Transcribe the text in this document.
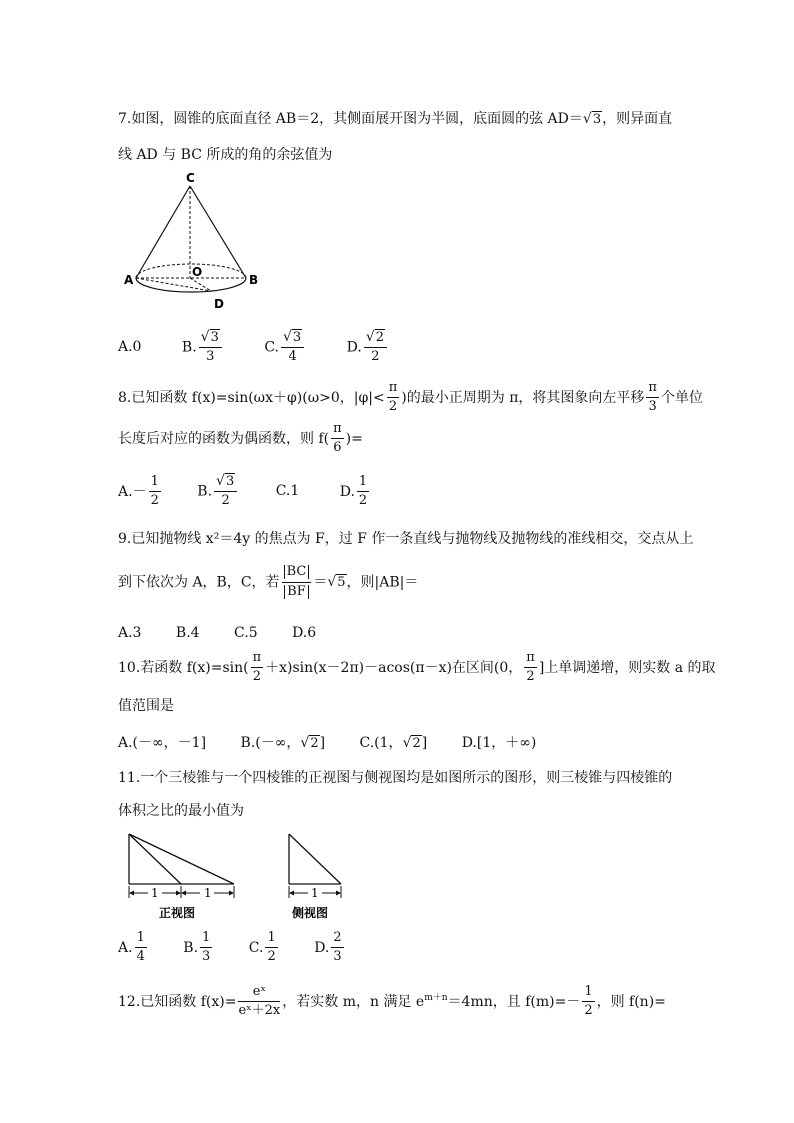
7.如图，圆锥的底面直径 AB＝2，其侧面展开图为半圆，底面圆的弦 AD＝√3，则异面直
线 AD 与 BC 所成的角的余弦值为
C
O
A	B
D
A.0	B. $\frac{√3}{3}$	C. $\frac{√3}{4}$	D. $\frac{√2}{2}$
8.已知函数 f(x)=sin(ωx＋φ)(ω>0，$|\varphi|< \frac{\pi}{2}$ )的最小正周期为 π，将其图象向左平移 $\frac{\pi}{3}$ 个单位
长度后对应的函数为偶函数，则 $f( \frac{\pi}{6}$ )=
$A.- \frac{1}{2}$	B. $\frac{√3}{2}$	C.1	D. $\frac{1}{2}$
9.已知抛物线 x²＝4y 的焦点为 F，过 F 作一条直线与抛物线及抛物线的准线相交，交点从上
到下依次为 A，B，C，若 $\frac{BC}{BF} =√5$，则|AB|＝
A.3 B.4 C.5 D.6
10.若函数 $f(x)=\sin( \frac{\pi}{2} +x)\sin(x-2\pi)-acos(\pi-x)$在区间(0， $\frac{\pi}{2}$ ]上单调递增，则实数 a 的取
值范围是
A.(－∞，－1] B.(－∞，√2] C.(1，√2] D.[1，＋∞)
11.一个三棱锥与一个四棱锥的正视图与侧视图均是如图所示的图形，则三棱锥与四棱锥的
体积之比的最小值为
1	1
正视图
1
侧视图
A. $\frac{1}{4}$	B. $\frac{1}{3}$	C. $\frac{1}{2}$	D. $\frac{2}{3}$
12.已知函数 $f(x)= \frac{\text{eˣ}}{\text{eˣ＋2x}}$ ，若实数 m，n 满足 $e^{m+n}=4mn$，且 $f(m)=- \frac{1}{2}$ ，则 f(n)=
